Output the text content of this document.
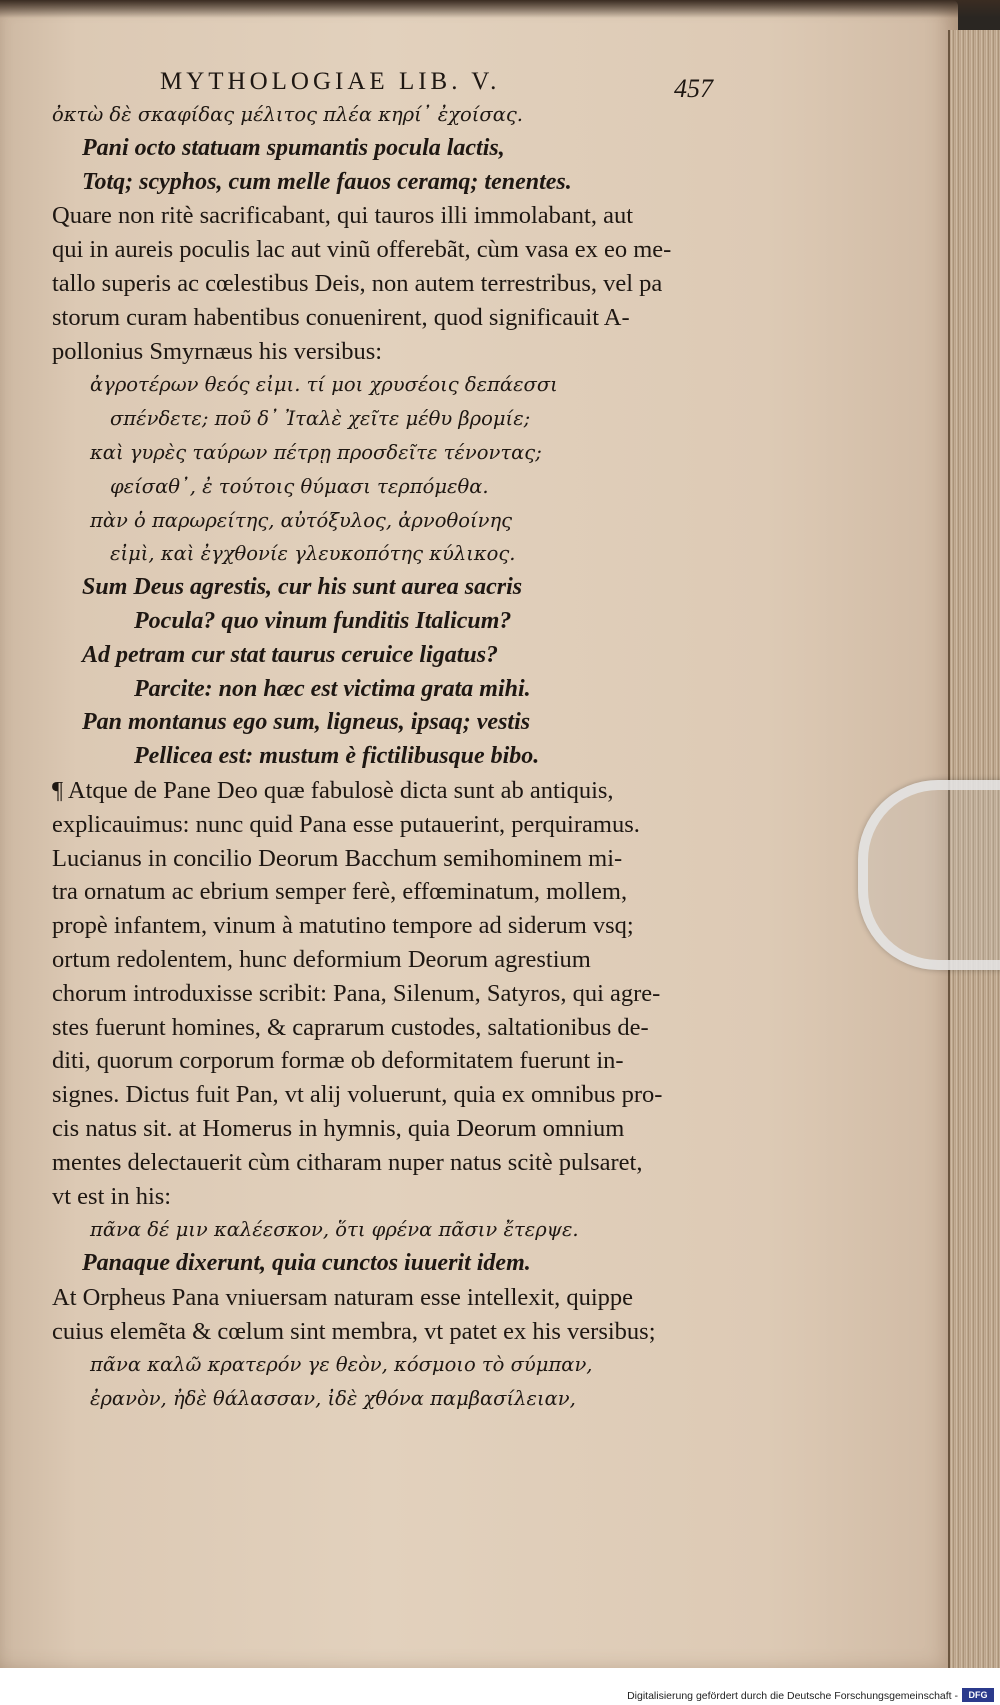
MYTHOLOGIAE LIB. V.	457
ὀκτὼ δὲ σκαφίδας μέλιτος πλέα κηρί᾽ ἐχοίσας.
Pani octo statuam spumantis pocula lactis,
Totq; scyphos, cum melle fauos ceramq; tenentes.
Quare non ritè sacrificabant, qui tauros illi immolabant, aut
qui in aureis poculis lac aut vinũ offerebãt, cùm vasa ex eo me-
tallo superis ac cœlestibus Deis, non autem terrestribus, vel pa
storum curam habentibus conuenirent, quod significauit A-
pollonius Smyrnæus his versibus:
ἀγροτέρων θεός εἰμι. τί μοι χρυσέοις δεπάεσσι
σπένδετε; ποῦ δ᾽ Ἰταλὲ χεῖτε μέθυ βρομίε;
καὶ γυρὲς ταύρων πέτρῃ προσδεῖτε τένοντας;
φείσαθ᾽, ἐ τούτοις θύμασι τερπόμεθα.
πὰν ὁ παρωρείτης, αὐτόξυλος, ἀρνοθοίνης
εἰμὶ, καὶ ἐγχθονίε γλευκοπότης κύλικος.
Sum Deus agrestis, cur his sunt aurea sacris
Pocula? quo vinum funditis Italicum?
Ad petram cur stat taurus ceruice ligatus?
Parcite: non hæc est victima grata mihi.
Pan montanus ego sum, ligneus, ipsaq; vestis
Pellicea est: mustum è fictilibusque bibo.
¶ Atque de Pane Deo quæ fabulosè dicta sunt ab antiquis,
explicauimus: nunc quid Pana esse putauerint, perquiramus.
Lucianus in concilio Deorum Bacchum semihominem mi-
tra ornatum ac ebrium semper ferè, effœminatum, mollem,
propè infantem, vinum à matutino tempore ad siderum vsq;
ortum redolentem, hunc deformium Deorum agrestium
chorum introduxisse scribit: Pana, Silenum, Satyros, qui agre-
stes fuerunt homines, & caprarum custodes, saltationibus de-
diti, quorum corporum formæ ob deformitatem fuerunt in-
signes. Dictus fuit Pan, vt alij voluerunt, quia ex omnibus pro-
cis natus sit. at Homerus in hymnis, quia Deorum omnium
mentes delectauerit cùm citharam nuper natus scitè pulsaret,
vt est in his:
πᾶνα δέ μιν καλέεσκον, ὅτι φρένα πᾶσιν ἔτερψε.
Panaque dixerunt, quia cunctos iuuerit idem.
At Orpheus Pana vniuersam naturam esse intellexit, quippe
cuius elemẽta & cœlum sint membra, vt patet ex his versibus;
πᾶνα καλῶ κρατερόν γε θεὸν, κόσμοιο τὸ σύμπαν,
ἐρανὸν, ἠδὲ θάλασσαν, ἰδὲ χθόνα παμβασίλειαν,
Digitalisierung gefördert durch die Deutsche Forschungsgemeinschaft -	DFG
